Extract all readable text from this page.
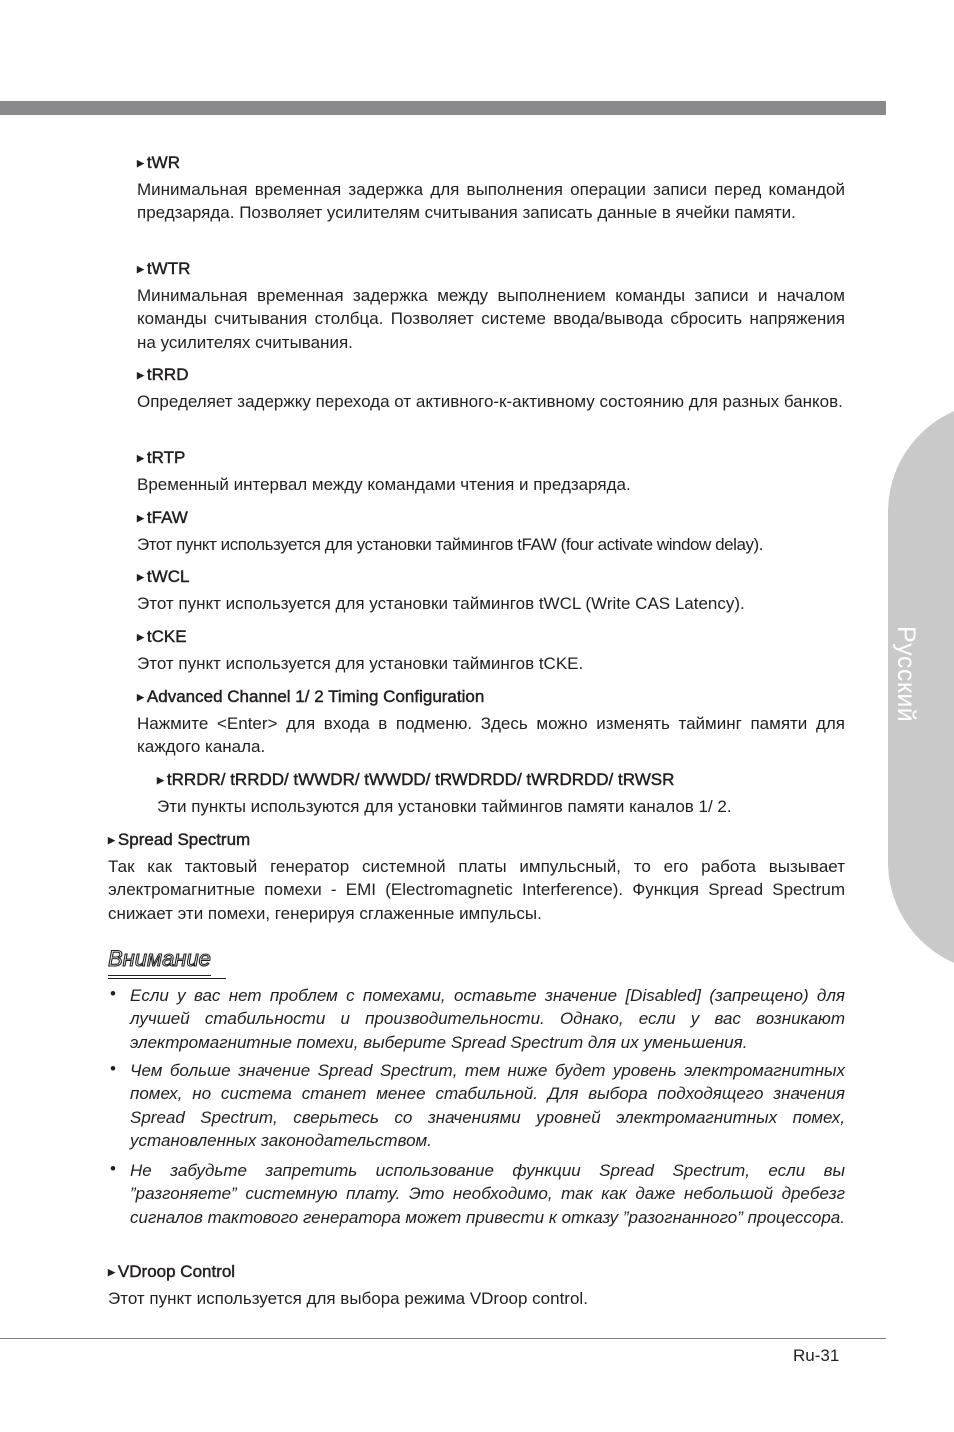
Русский
▶ tWR
Минимальная временная задержка для выполнения операции записи перед командой предзаряда. Позволяет усилителям считывания записать данные в ячейки памяти.
▶ tWTR
Минимальная временная задержка между выполнением команды записи и началом команды считывания столбца. Позволяет системе ввода/вывода сбросить напряжения на усилителях считывания.
▶ tRRD
Определяет задержку перехода от активного-к-активному состоянию для разных банков.
▶ tRTP
Временный интервал между командами чтения и предзаряда.
▶ tFAW
Этот пункт используется для установки таймингов tFAW (four activate window delay).
▶ tWCL
Этот пункт используется для установки таймингов tWCL (Write CAS Latency).
▶ tCKE
Этот пункт используется для установки таймингов tCKE.
▶ Advanced Channel 1/ 2 Timing Configuration
Нажмите <Enter> для входа в подменю. Здесь можно изменять тайминг памяти для каждого канала.
▶ tRRDR/ tRRDD/ tWWDR/ tWWDD/ tRWDRDD/ tWRDRDD/ tRWSR
Эти пункты используются для установки таймингов памяти каналов 1/ 2.
▶ Spread Spectrum
Так как тактовый генератор системной платы импульсный, то его работа вызывает электромагнитные помехи - EMI (Electromagnetic Interference). Функция Spread Spectrum снижает эти помехи, генерируя сглаженные импульсы.
Внимание
• Если у вас нет проблем с помехами, оставьте значение [Disabled] (запрещено) для лучшей стабильности и производительности. Однако, если у вас возникают электромагнитные помехи, выберите Spread Spectrum для их уменьшения.
• Чем больше значение Spread Spectrum, тем ниже будет уровень электромагнитных помех, но система станет менее стабильной. Для выбора подходящего значения Spread Spectrum, сверьтесь со значениями уровней электромагнитных помех, установленных законодательством.
• Не забудьте запретить использование функции Spread Spectrum, если вы ”разгоняете” системную плату. Это необходимо, так как даже небольшой дребезг сигналов тактового генератора может привести к отказу ”разогнанного” процессора.
▶ VDroop Control
Этот пункт используется для выбора режима VDroop control.
Ru-31
